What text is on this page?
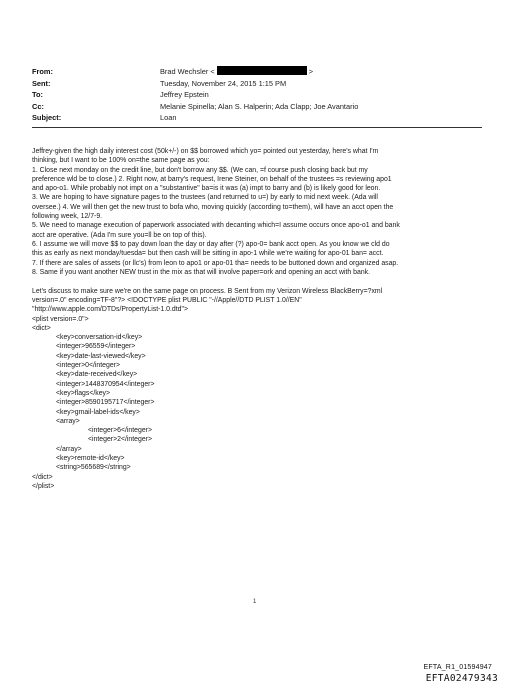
From:	Brad Wechsler <	>
Sent:	Tuesday, November 24, 2015 1:15 PM
To:	Jeffrey Epstein
Cc:	Melanie Spinella; Alan S. Halperin; Ada Clapp; Joe Avantario
Subject:	Loan
Jeffrey-given the high daily interest cost (50k+/-) on $$ borrowed which yo= pointed out yesterday, here's what I'm
thinking, but I want to be 100% on=the same page as you:
1. Close next monday on the credit line, but don't borrow any $$. (We can, =f course push closing back but my
preference wld be to close.) 2. Right now, at barry's request, Irene Steiner, on behalf of the trustees =s reviewing apo1
and apo-o1. While probably not impt on a "substantive" ba=is it was (a) impt to barry and (b) is likely good for leon.
3. We are hoping to have signature pages to the trustees (and returned to u=) by early to mid next week. (Ada will
oversee.) 4. We will then get the new trust to bofa who, moving quickly (according to=them), will have an acct open the
following week, 12/7-9.
5. We need to manage execution of paperwork associated with decanting which=I assume occurs once apo-o1 and bank
acct are operative. (Ada I'm sure you=ll be on top of this).
6. I assume we will move $$ to pay down loan the day or day after (?) apo-0= bank acct open. As you know we cld do
this as early as next monday/tuesda= but then cash will be sitting in apo-1 while we're waiting for apo-01 ban= acct.
7. If there are sales of assets (or llc's) from leon to apo1 or apo-01 tha= needs to be buttoned down and organized asap.
8. Same if you want another NEW trust in the mix as that will involve paper=ork and opening an acct with bank.
Let's discuss to make sure we're on the same page on process. B Sent from my Verizon Wireless BlackBerry=?xml
version=.0" encoding=TF-8"?> <!DOCTYPE plist PUBLIC "-//Apple//DTD PLIST 1.0//EN"
"http://www.apple.com/DTDs/PropertyList-1.0.dtd">
<plist version=.0">
<dict>
<key>conversation-id</key>
<integer>96559</integer>
<key>date-last-viewed</key>
<integer>0</integer>
<key>date-received</key>
<integer>1448370954</integer>
<key>flags</key>
<integer>8590195717</integer>
<key>gmail-label-ids</key>
<array>
<integer>6</integer>
<integer>2</integer>
</array>
<key>remote-id</key>
<string>565689</string>
</dict>
</plist>
1
EFTA_R1_01594947
EFTA02479343
